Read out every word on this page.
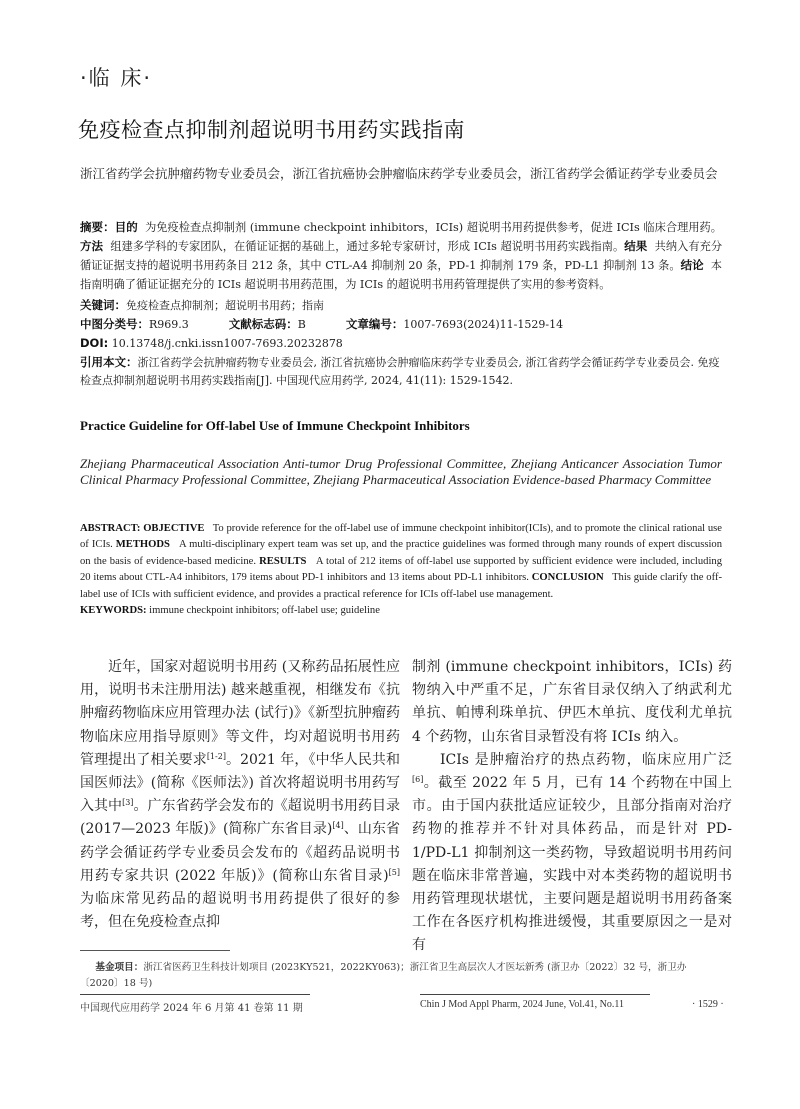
·临 床·
免疫检查点抑制剂超说明书用药实践指南
浙江省药学会抗肿瘤药物专业委员会，浙江省抗癌协会肿瘤临床药学专业委员会，浙江省药学会循证药学专业委员会
摘要：目的 为免疫检查点抑制剂 (immune checkpoint inhibitors，ICIs) 超说明书用药提供参考，促进 ICIs 临床合理用药。 方法 组建多学科的专家团队，在循证证据的基础上，通过多轮专家研讨，形成 ICIs 超说明书用药实践指南。结果 共纳入有充分循证证据支持的超说明书用药条目 212 条，其中 CTL-A4 抑制剂 20 条，PD-1 抑制剂 179 条，PD-L1 抑制剂 13 条。结论 本指南明确了循证证据充分的 ICIs 超说明书用药范围，为 ICIs 的超说明书用药管理提供了实用的参考资料。
关键词：免疫检查点抑制剂；超说明书用药；指南
中图分类号：R969.3	文献标志码：B	文章编号：1007-7693(2024)11-1529-14
DOI: 10.13748/j.cnki.issn1007-7693.20232878
引用本文：浙江省药学会抗肿瘤药物专业委员会, 浙江省抗癌协会肿瘤临床药学专业委员会, 浙江省药学会循证药学专业委员会. 免疫检查点抑制剂超说明书用药实践指南[J]. 中国现代应用药学, 2024, 41(11): 1529-1542.
Practice Guideline for Off-label Use of Immune Checkpoint Inhibitors
Zhejiang Pharmaceutical Association Anti-tumor Drug Professional Committee, Zhejiang Anticancer Association Tumor Clinical Pharmacy Professional Committee, Zhejiang Pharmaceutical Association Evidence-based Pharmacy Committee
ABSTRACT: OBJECTIVE To provide reference for the off-label use of immune checkpoint inhibitor(ICIs), and to promote the clinical rational use of ICIs. METHODS A multi-disciplinary expert team was set up, and the practice guidelines was formed through many rounds of expert discussion on the basis of evidence-based medicine. RESULTS A total of 212 items of off-label use supported by sufficient evidence were included, including 20 items about CTL-A4 inhibitors, 179 items about PD-1 inhibitors and 13 items about PD-L1 inhibitors. CONCLUSION This guide clarify the off-label use of ICIs with sufficient evidence, and provides a practical reference for ICIs off-label use management.
KEYWORDS: immune checkpoint inhibitors; off-label use; guideline

近年，国家对超说明书用药 (又称药品拓展性应用，说明书未注册用法) 越来越重视，相继发布《抗肿瘤药物临床应用管理办法 (试行)》《新型抗肿瘤药物临床应用指导原则》等文件，均对超说明书用药管理提出了相关要求[1-2]。2021 年，《中华人民共和国医师法》(简称《医师法》) 首次将超说明书用药写入其中[3]。广东省药学会发布的《超说明书用药目录 (2017—2023 年版)》(简称广东省目录)[4]、山东省药学会循证药学专业委员会发布的《超药品说明书用药专家共识 (2022 年版)》(简称山东省目录)[5] 为临床常见药品的超说明书用药提供了很好的参考，但在免疫检查点抑

制剂 (immune checkpoint inhibitors，ICIs) 药物纳入中严重不足，广东省目录仅纳入了纳武利尤单抗、帕博利珠单抗、伊匹木单抗、度伐利尤单抗 4 个药物，山东省目录暂没有将 ICIs 纳入。

ICIs 是肿瘤治疗的热点药物，临床应用广泛[6]。截至 2022 年 5 月，已有 14 个药物在中国上市。由于国内获批适应证较少，且部分指南对治疗药物的推荐并不针对具体药品，而是针对 PD-1/PD-L1 抑制剂这一类药物，导致超说明书用药问题在临床非常普遍，实践中对本类药物的超说明书用药管理现状堪忧，主要问题是超说明书用药备案工作在各医疗机构推进缓慢，其重要原因之一是对有

基金项目：浙江省医药卫生科技计划项目 (2023KY521，2022KY063)；浙江省卫生高层次人才医坛新秀 (浙卫办〔2022〕32 号，浙卫办〔2020〕18 号)
中国现代应用药学 2024 年 6 月第 41 卷第 11 期	Chin J Mod Appl Pharm, 2024 June, Vol.41, No.11	· 1529 ·
